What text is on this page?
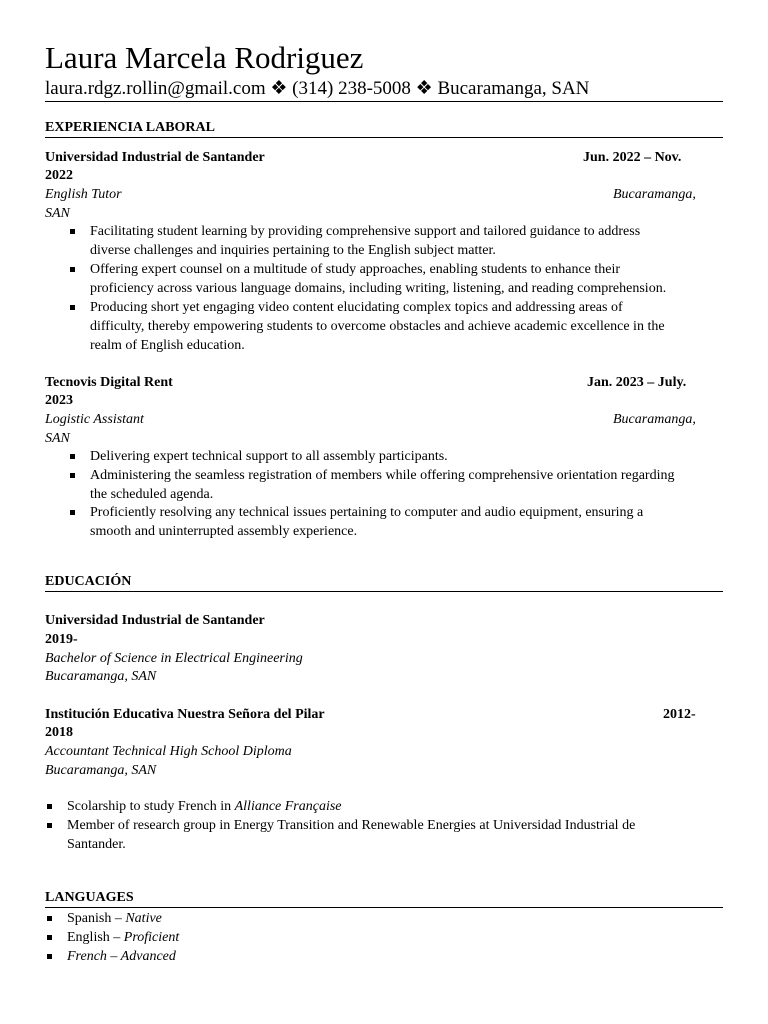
Laura Marcela Rodriguez
laura.rdgz.rollin@gmail.com ❖ (314) 238-5008 ❖ Bucaramanga, SAN
EXPERIENCIA LABORAL
Universidad Industrial de Santander	Jun. 2022 – Nov.
2022
English Tutor	Bucaramanga,
SAN
Facilitating student learning by providing comprehensive support and tailored guidance to address
diverse challenges and inquiries pertaining to the English subject matter.
Offering expert counsel on a multitude of study approaches, enabling students to enhance their
proficiency across various language domains, including writing, listening, and reading comprehension.
Producing short yet engaging video content elucidating complex topics and addressing areas of
difficulty, thereby empowering students to overcome obstacles and achieve academic excellence in the
realm of English education.
Tecnovis Digital Rent	Jan. 2023 – July.
2023
Logistic Assistant	Bucaramanga,
SAN
Delivering expert technical support to all assembly participants.
Administering the seamless registration of members while offering comprehensive orientation regarding
the scheduled agenda.
Proficiently resolving any technical issues pertaining to computer and audio equipment, ensuring a
smooth and uninterrupted assembly experience.
EDUCACIÓN
Universidad Industrial de Santander
2019-
Bachelor of Science in Electrical Engineering
Bucaramanga, SAN
Institución Educativa Nuestra Señora del Pilar	2012-
2018
Accountant Technical High School Diploma
Bucaramanga, SAN
Scolarship to study French in Alliance Française
Member of research group in Energy Transition and Renewable Energies at Universidad Industrial de
Santander.
LANGUAGES
Spanish – Native
English – Proficient
French – Advanced
